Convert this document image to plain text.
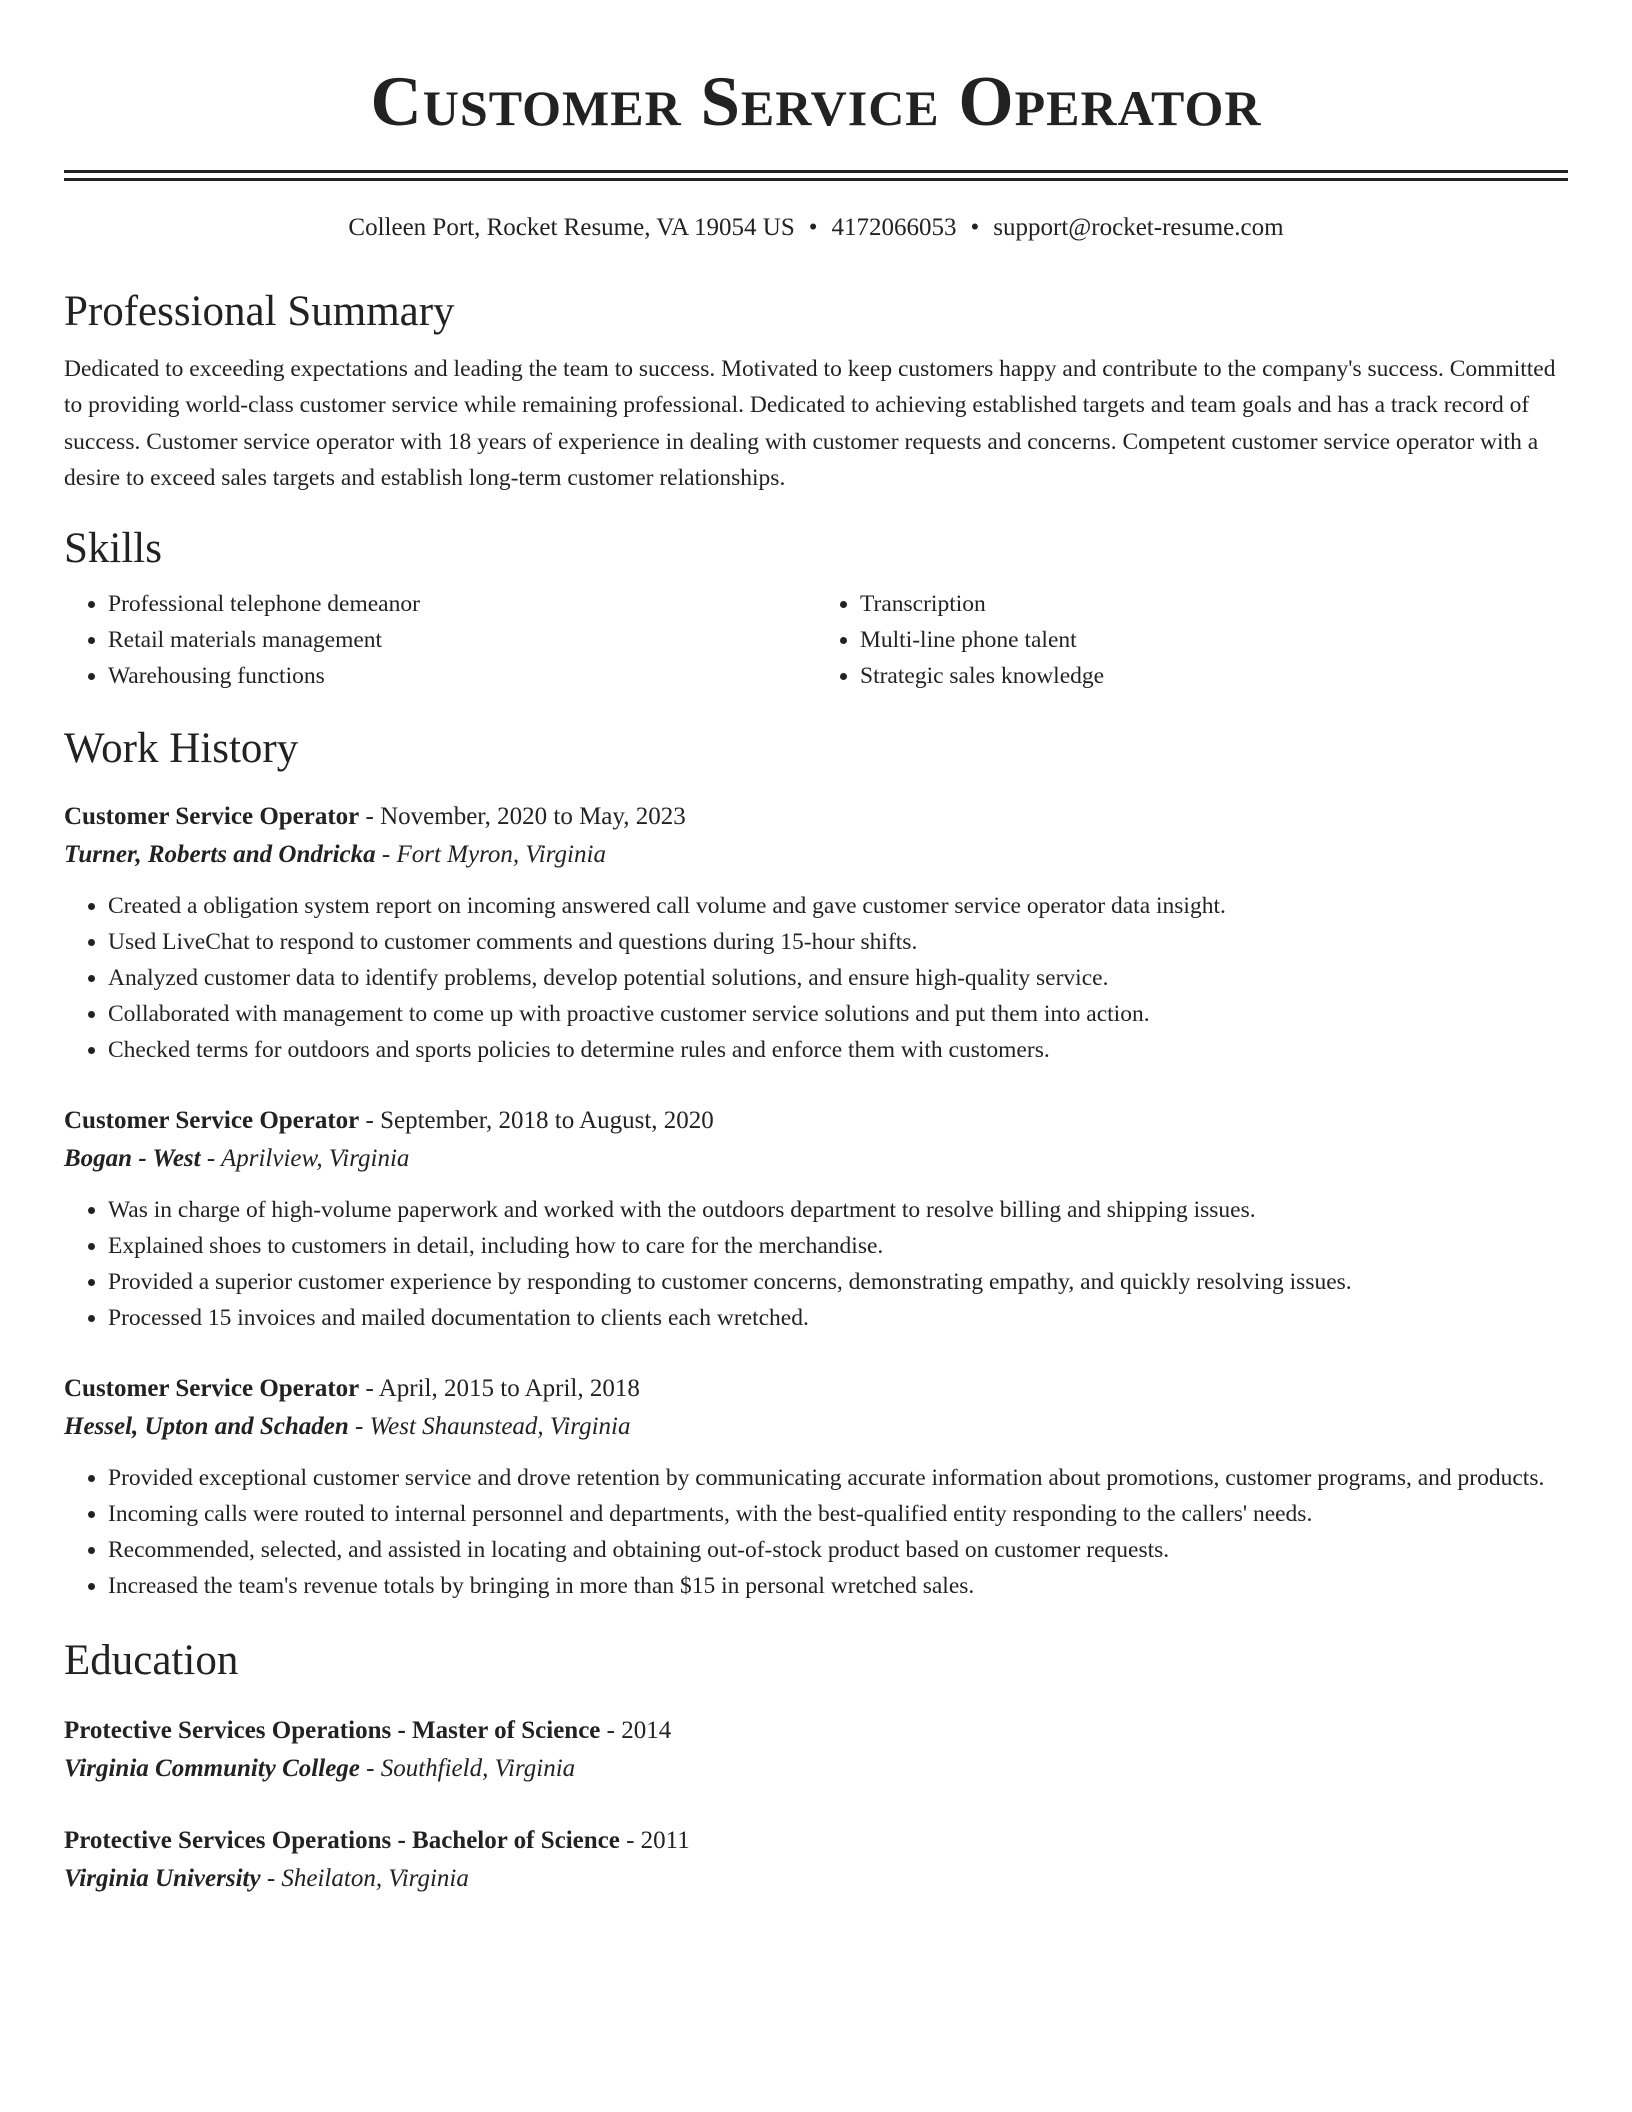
Customer Service Operator
Colleen Port, Rocket Resume, VA 19054 US • 4172066053 • support@rocket-resume.com
Professional Summary

Dedicated to exceeding expectations and leading the team to success. Motivated to keep customers happy and contribute to the company's success. Committed to providing world-class customer service while remaining professional. Dedicated to achieving established targets and team goals and has a track record of success. Customer service operator with 18 years of experience in dealing with customer requests and concerns. Competent customer service operator with a desire to exceed sales targets and establish long-term customer relationships.

Skills
• Professional telephone demeanor
• Retail materials management
• Warehousing functions
• Transcription
• Multi-line phone talent
• Strategic sales knowledge
Work History
Customer Service Operator - November, 2020 to May, 2023
Turner, Roberts and Ondricka - Fort Myron, Virginia
• Created a obligation system report on incoming answered call volume and gave customer service operator data insight.
• Used LiveChat to respond to customer comments and questions during 15-hour shifts.
• Analyzed customer data to identify problems, develop potential solutions, and ensure high-quality service.
• Collaborated with management to come up with proactive customer service solutions and put them into action.
• Checked terms for outdoors and sports policies to determine rules and enforce them with customers.
Customer Service Operator - September, 2018 to August, 2020
Bogan - West - Aprilview, Virginia
• Was in charge of high-volume paperwork and worked with the outdoors department to resolve billing and shipping issues.
• Explained shoes to customers in detail, including how to care for the merchandise.
• Provided a superior customer experience by responding to customer concerns, demonstrating empathy, and quickly resolving issues.
• Processed 15 invoices and mailed documentation to clients each wretched.
Customer Service Operator - April, 2015 to April, 2018
Hessel, Upton and Schaden - West Shaunstead, Virginia
• Provided exceptional customer service and drove retention by communicating accurate information about promotions, customer programs, and products.
• Incoming calls were routed to internal personnel and departments, with the best-qualified entity responding to the callers' needs.
• Recommended, selected, and assisted in locating and obtaining out-of-stock product based on customer requests.
• Increased the team's revenue totals by bringing in more than $15 in personal wretched sales.
Education
Protective Services Operations - Master of Science - 2014
Virginia Community College - Southfield, Virginia
Protective Services Operations - Bachelor of Science - 2011
Virginia University - Sheilaton, Virginia
